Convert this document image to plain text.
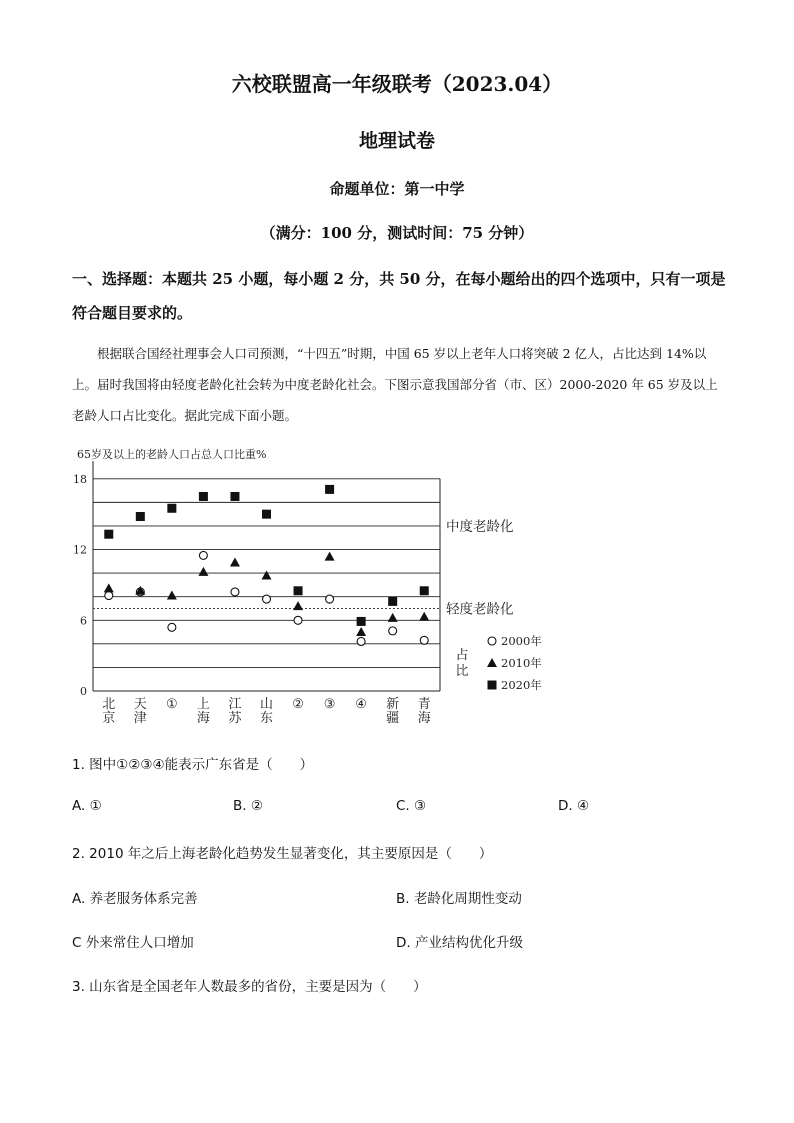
六校联盟高一年级联考（2023.04）
地理试卷
命题单位：第一中学
（满分：100 分，测试时间：75 分钟）
一、选择题：本题共 25 小题，每小题 2 分，共 50 分，在每小题给出的四个选项中，只有一项是符合题目要求的。
根据联合国经社理事会人口司预测，“十四五”时期，中国 65 岁以上老年人口将突破 2 亿人，占比达到 14%以上。届时我国将由轻度老龄化社会转为中度老龄化社会。下图示意我国部分省（市、区）2000-2020 年 65 岁及以上老龄人口占比变化。据此完成下面小题。
65岁及以上的老龄人口占总人口比重%
0
6
12
18
中度老龄化
轻度老龄化
北
京
天
津
① 上
海
江
苏
山
东
② ③ ④ 新
疆
青
海
占
比
2000年
2010年
2020年
1. 图中①②③④能表示广东省是（　　）
A. ①	B. ②	C. ③	D. ④
2. 2010 年之后上海老龄化趋势发生显著变化，其主要原因是（　　）
A. 养老服务体系完善	B. 老龄化周期性变动
C 外来常住人口增加	D. 产业结构优化升级
3. 山东省是全国老年人数最多的省份，主要是因为（　　）
